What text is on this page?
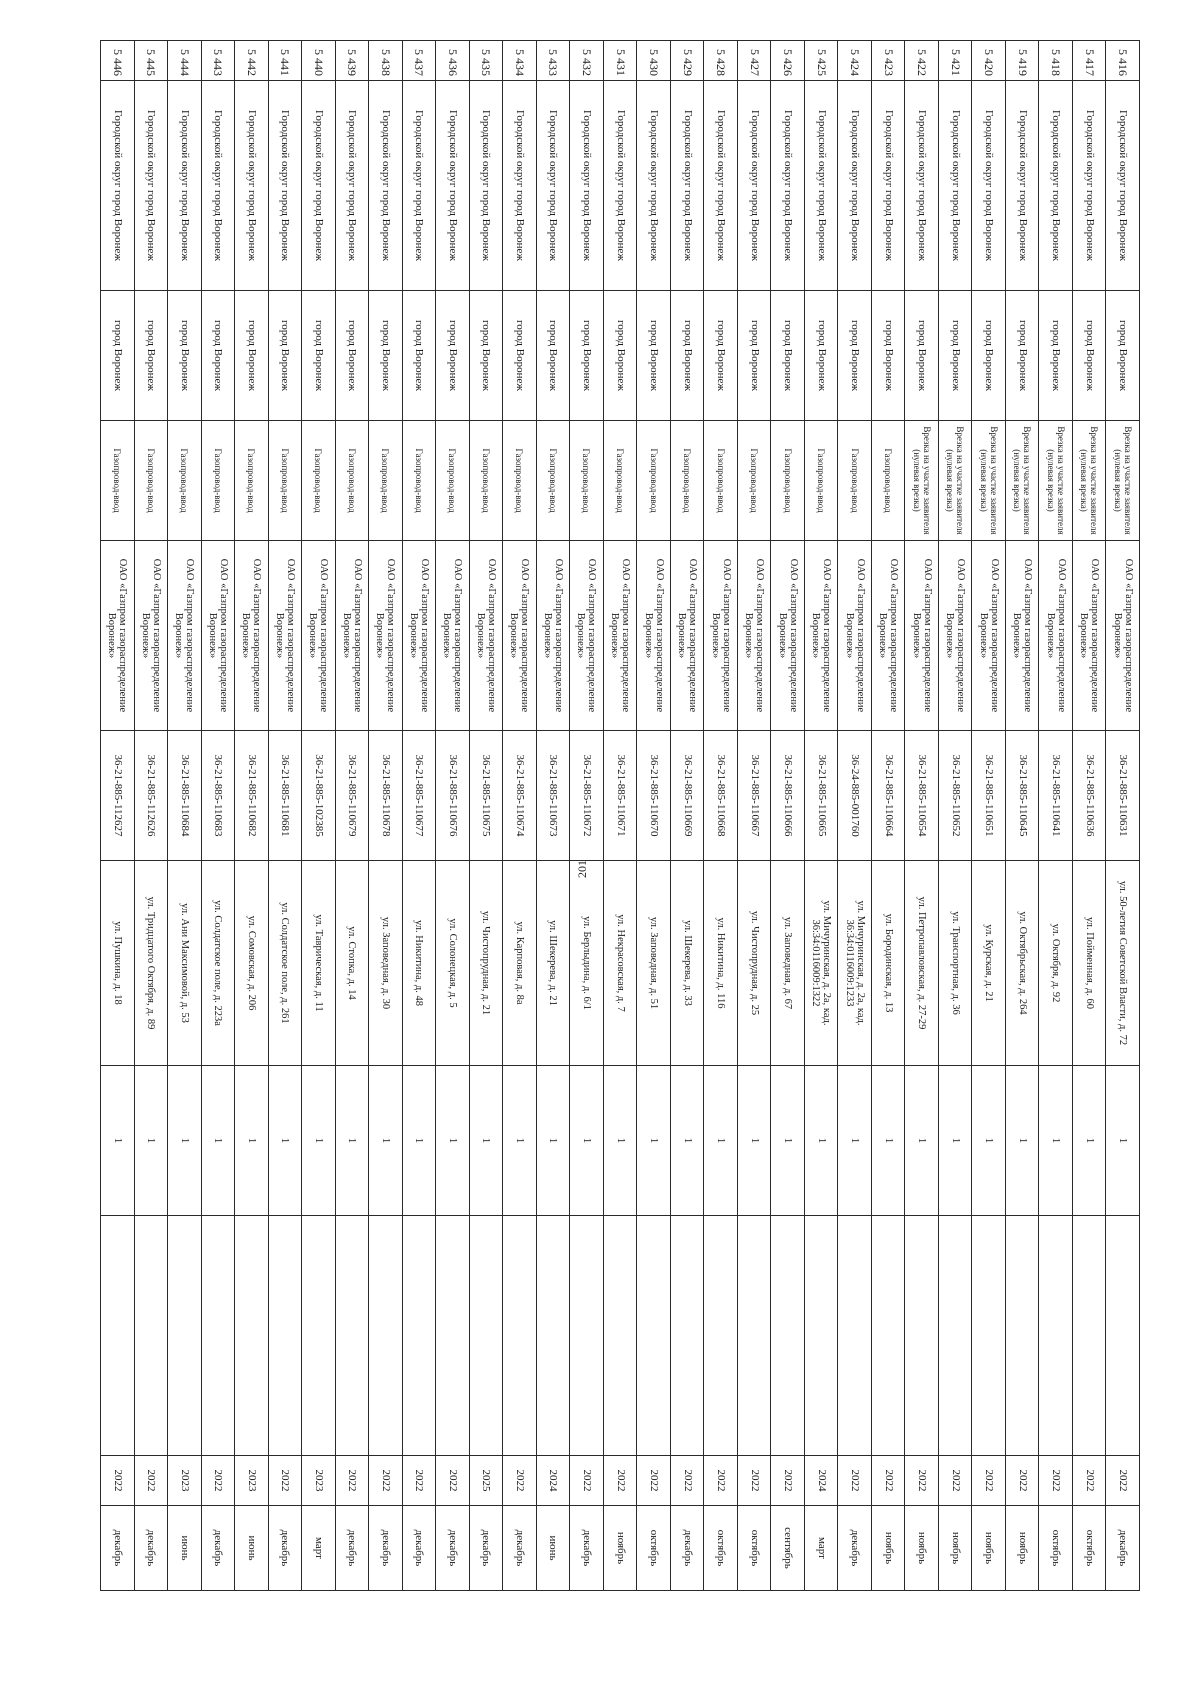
201
5 416	Городской округ город Воронеж	город Воронеж	Врезка на участке заявителя (нулевая врезка)	ОАО «Газпром газораспределение Воронеж»	36-21-885-110631	ул. 50-летия Советской Власти, д. 72	1		2022	декабрь
5 417	Городской округ город Воронеж	город Воронеж	Врезка на участке заявителя (нулевая врезка)	ОАО «Газпром газораспределение Воронеж»	36-21-885-110636	ул. Пойменная, д. 60	1		2022	октябрь
5 418	Городской округ город Воронеж	город Воронеж	Врезка на участке заявителя (нулевая врезка)	ОАО «Газпром газораспределение Воронеж»	36-21-885-110641	ул. Октября, д. 92	1		2022	октябрь
5 419	Городской округ город Воронеж	город Воронеж	Врезка на участке заявителя (нулевая врезка)	ОАО «Газпром газораспределение Воронеж»	36-21-885-110645	ул. Октябрьская, д. 264	1		2022	ноябрь
5 420	Городской округ город Воронеж	город Воронеж	Врезка на участке заявителя (нулевая врезка)	ОАО «Газпром газораспределение Воронеж»	36-21-885-110651	ул. Курская, д. 21	1		2022	ноябрь
5 421	Городской округ город Воронеж	город Воронеж	Врезка на участке заявителя (нулевая врезка)	ОАО «Газпром газораспределение Воронеж»	36-21-885-110652	ул. Транспортная, д. 36	1		2022	ноябрь
5 422	Городской округ город Воронеж	город Воронеж	Врезка на участке заявителя (нулевая врезка)	ОАО «Газпром газораспределение Воронеж»	36-21-885-110654	ул. Петропавловская, д. 27-29	1		2022	ноябрь
5 423	Городской округ город Воронеж	город Воронеж	Газопровод-ввод	ОАО «Газпром газораспределение Воронеж»	36-21-885-110664	ул. Бородинская, д. 13	1		2022	ноябрь
5 424	Городской округ город Воронеж	город Воронеж	Газопровод-ввод	ОАО «Газпром газораспределение Воронеж»	36-24-885-001760	ул. Мичуринская, д. 2а, кад. 36:34:0116009:1233	1		2022	декабрь
5 425	Городской округ город Воронеж	город Воронеж	Газопровод-ввод	ОАО «Газпром газораспределение Воронеж»	36-21-885-110665	ул. Мичуринская, д. 2а, кад. 36:34:0116009:1322	1		2024	март
5 426	Городской округ город Воронеж	город Воронеж	Газопровод-ввод	ОАО «Газпром газораспределение Воронеж»	36-21-885-110666	ул. Заповедная, д. 67	1		2022	сентябрь
5 427	Городской округ город Воронеж	город Воронеж	Газопровод-ввод	ОАО «Газпром газораспределение Воронеж»	36-21-885-110667	ул. Чистопрудная, д. 25	1		2022	октябрь
5 428	Городской округ город Воронеж	город Воронеж	Газопровод-ввод	ОАО «Газпром газораспределение Воронеж»	36-21-885-110668	ул. Никитина, д. 116	1		2022	октябрь
5 429	Городской округ город Воронеж	город Воронеж	Газопровод-ввод	ОАО «Газпром газораспределение Воронеж»	36-21-885-110669	ул. Шекерева, д. 33	1		2022	декабрь
5 430	Городской округ город Воронеж	город Воронеж	Газопровод-ввод	ОАО «Газпром газораспределение Воронеж»	36-21-885-110670	ул. Заповедная, д. 51	1		2022	октябрь
5 431	Городской округ город Воронеж	город Воронеж	Газопровод-ввод	ОАО «Газпром газораспределение Воронеж»	36-21-885-110671	ул. Некрасовская, д. 7	1		2022	ноябрь
5 432	Городской округ город Воронеж	город Воронеж	Газопровод-ввод	ОАО «Газпром газораспределение Воронеж»	36-21-885-110672	ул. Берлыдина, д. 6/1	1		2022	декабрь
5 433	Городской округ город Воронеж	город Воронеж	Газопровод-ввод	ОАО «Газпром газораспределение Воронеж»	36-21-885-110673	ул. Шекерева, д. 21	1		2024	июнь
5 434	Городской округ город Воронеж	город Воронеж	Газопровод-ввод	ОАО «Газпром газораспределение Воронеж»	36-21-885-110674	ул. Карповая, д. 8а	1		2022	декабрь
5 435	Городской округ город Воронеж	город Воронеж	Газопровод-ввод	ОАО «Газпром газораспределение Воронеж»	36-21-885-110675	ул. Чистопрудная, д. 21	1		2025	декабрь
5 436	Городской округ город Воронеж	город Воронеж	Газопровод-ввод	ОАО «Газпром газораспределение Воронеж»	36-21-885-110676	ул. Солонецкая, д. 5	1		2022	декабрь
5 437	Городской округ город Воронеж	город Воронеж	Газопровод-ввод	ОАО «Газпром газораспределение Воронеж»	36-21-885-110677	ул. Никитина, д. 48	1		2022	декабрь
5 438	Городской округ город Воронеж	город Воронеж	Газопровод-ввод	ОАО «Газпром газораспределение Воронеж»	36-21-885-110678	ул. Заповедная, д. 30	1		2022	декабрь
5 439	Городской округ город Воронеж	город Воронеж	Газопровод-ввод	ОАО «Газпром газораспределение Воронеж»	36-21-885-110679	ул. Стопка, д. 14	1		2022	декабрь
5 440	Городской округ город Воронеж	город Воронеж	Газопровод-ввод	ОАО «Газпром газораспределение Воронеж»	36-21-885-102385	ул. Таврическая, д. 11	1		2023	март
5 441	Городской округ город Воронеж	город Воронеж	Газопровод-ввод	ОАО «Газпром газораспределение Воронеж»	36-21-885-110681	ул. Солдатское поле, д. 261	1		2022	декабрь
5 442	Городской округ город Воронеж	город Воронеж	Газопровод-ввод	ОАО «Газпром газораспределение Воронеж»	36-21-885-110682	ул. Сомовская, д. 206	1		2023	июнь
5 443	Городской округ город Воронеж	город Воронеж	Газопровод-ввод	ОАО «Газпром газораспределение Воронеж»	36-21-885-110683	ул. Солдатское поле, д. 223а	1		2022	декабрь
5 444	Городской округ город Воронеж	город Воронеж	Газопровод-ввод	ОАО «Газпром газораспределение Воронеж»	36-21-885-110684	ул. Ани Максимовой, д. 53	1		2023	июнь
5 445	Городской округ город Воронеж	город Воронеж	Газопровод-ввод	ОАО «Газпром газораспределение Воронеж»	36-21-885-112626	ул. Тридцатого Октября, д. 89	1		2022	декабрь
5 446	Городской округ город Воронеж	город Воронеж	Газопровод-ввод	ОАО «Газпром газораспределение Воронеж»	36-21-885-112627	ул. Пушкина, д. 18	1		2022	декабрь
